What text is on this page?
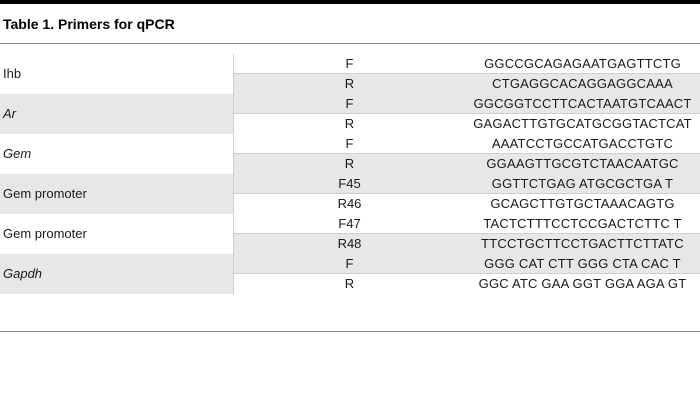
Table 1. Primers for qPCR
Ihb
F	GGCCGCAGAGAATGAGTTCTG
R	CTGAGGCACAGGAGGCAAA
Ar
F	GGCGGTCCTTCACTAATGTCAACT
R	GAGACTTGTGCATGCGGTACTCAT
Gem
F	AAATCCTGCCATGACCTGTC
R	GGAAGTTGCGTCTAACAATGC
Gem promoter
F45	GGTTCTGAG ATGCGCTGA T
R46	GCAGCTTGTGCTAAACAGTG
Gem promoter
F47	TACTCTTTCCTCCGACTCTTC T
R48	TTCCTGCTTCCTGACTTCTTATC
Gapdh
F	GGG CAT CTT GGG CTA CAC T
R	GGC ATC GAA GGT GGA AGA GT
